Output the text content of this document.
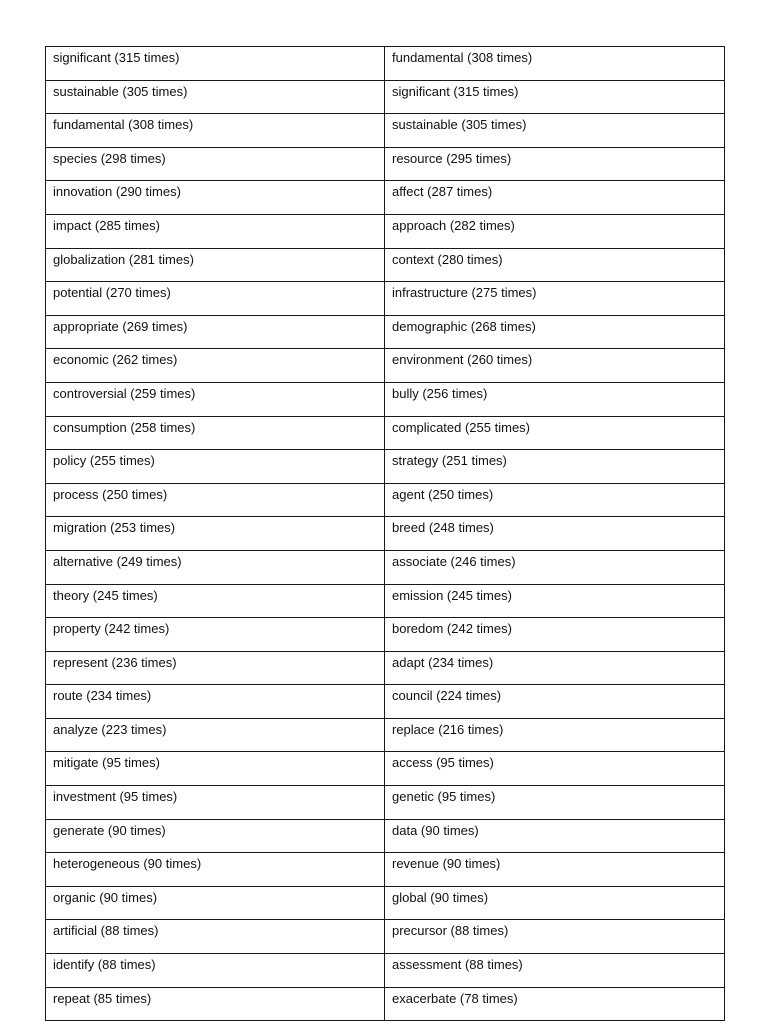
significant (315 times)	fundamental (308 times)
sustainable (305 times)	significant (315 times)
fundamental (308 times)	sustainable (305 times)
species (298 times)	resource (295 times)
innovation (290 times)	affect (287 times)
impact (285 times)	approach (282 times)
globalization (281 times)	context (280 times)
potential (270 times)	infrastructure (275 times)
appropriate (269 times)	demographic (268 times)
economic (262 times)	environment (260 times)
controversial (259 times)	bully (256 times)
consumption (258 times)	complicated (255 times)
policy (255 times)	strategy (251 times)
process (250 times)	agent (250 times)
migration (253 times)	breed (248 times)
alternative (249 times)	associate (246 times)
theory (245 times)	emission (245 times)
property (242 times)	boredom (242 times)
represent (236 times)	adapt (234 times)
route (234 times)	council (224 times)
analyze (223 times)	replace (216 times)
mitigate (95 times)	access (95 times)
investment (95 times)	genetic (95 times)
generate (90 times)	data (90 times)
heterogeneous (90 times)	revenue (90 times)
organic (90 times)	global (90 times)
artificial (88 times)	precursor (88 times)
identify (88 times)	assessment (88 times)
repeat (85 times)	exacerbate (78 times)
